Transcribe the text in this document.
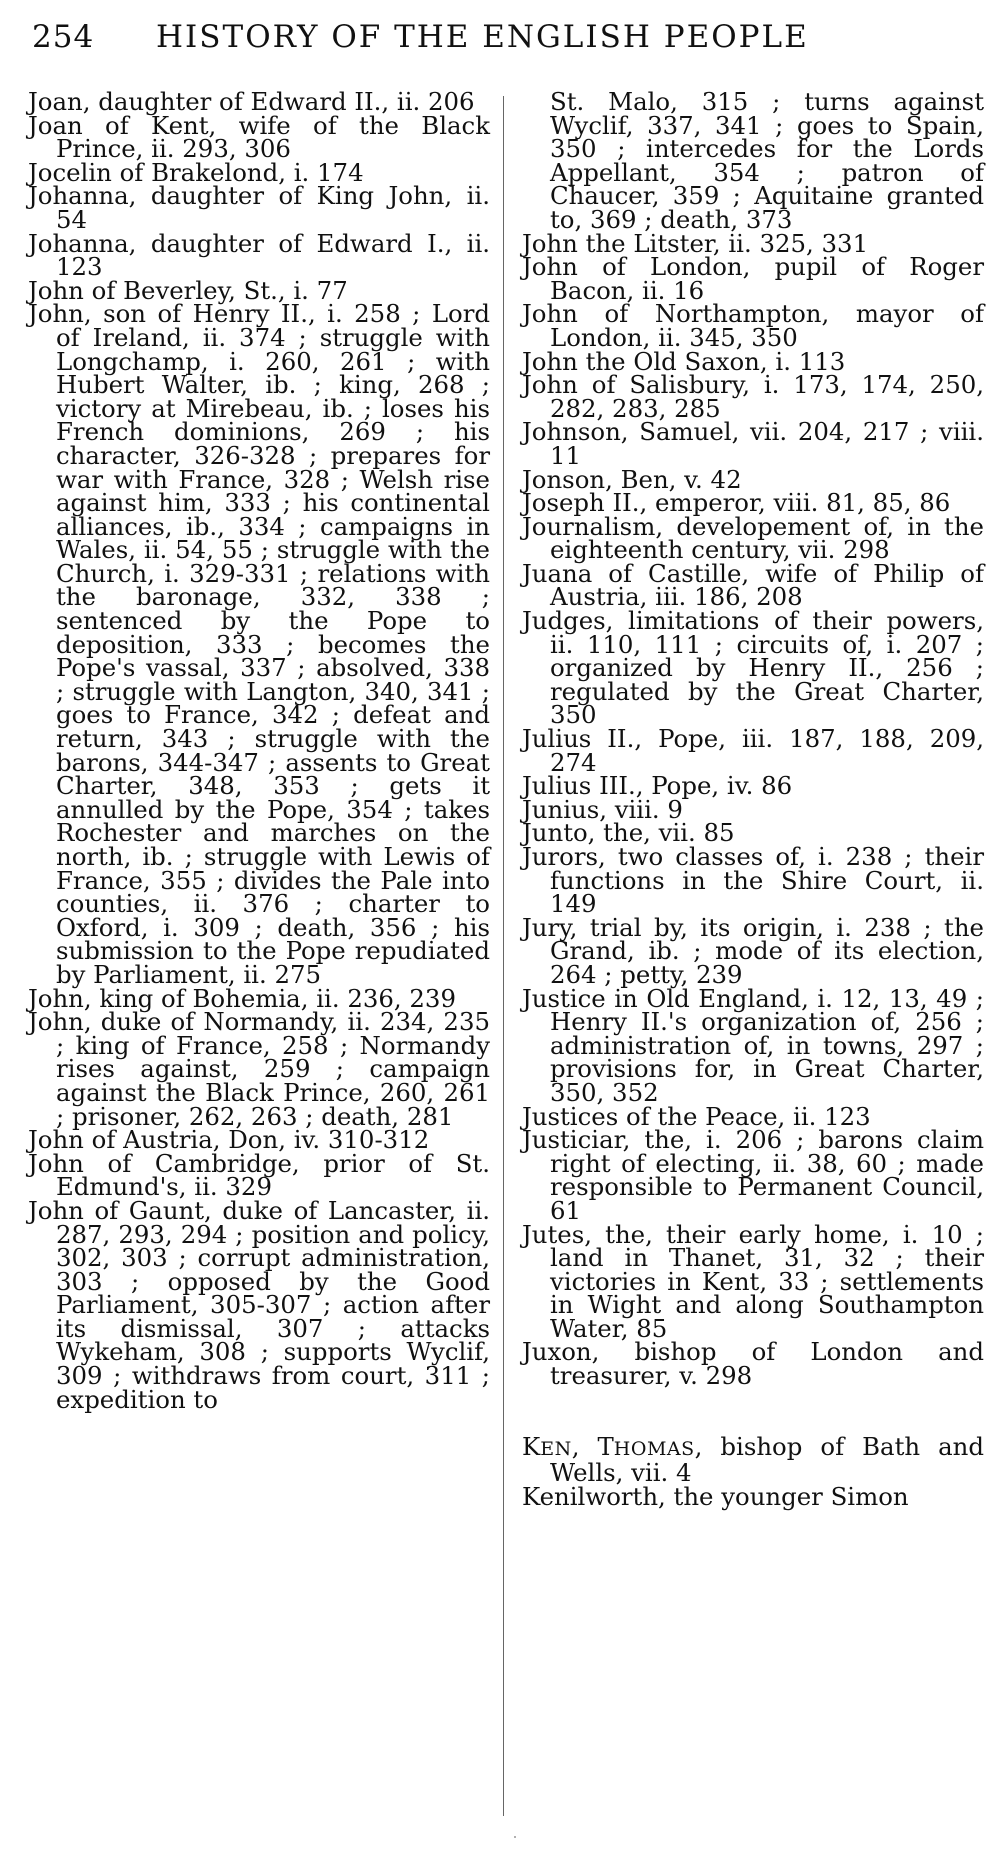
254 HISTORY OF THE ENGLISH PEOPLE
Joan, daughter of Edward II., ii. 206
Joan of Kent, wife of the Black Prince, ii. 293, 306
Jocelin of Brakelond, i. 174
Johanna, daughter of King John, ii. 54
Johanna, daughter of Edward I., ii. 123
John of Beverley, St., i. 77
John, son of Henry II., i. 258 ; Lord of Ireland, ii. 374 ; struggle with Longchamp, i. 260, 261 ; with Hubert Walter, ib. ; king, 268 ; victory at Mirebeau, ib. ; loses his French dominions, 269 ; his character, 326-328 ; prepares for war with France, 328 ; Welsh rise against him, 333 ; his continental alliances, ib., 334 ; campaigns in Wales, ii. 54, 55 ; struggle with the Church, i. 329-331 ; relations with the baronage, 332, 338 ; sentenced by the Pope to deposition, 333 ; becomes the Pope's vassal, 337 ; absolved, 338 ; struggle with Langton, 340, 341 ; goes to France, 342 ; defeat and return, 343 ; struggle with the barons, 344-347 ; assents to Great Charter, 348, 353 ; gets it annulled by the Pope, 354 ; takes Rochester and marches on the north, ib. ; struggle with Lewis of France, 355 ; divides the Pale into counties, ii. 376 ; charter to Oxford, i. 309 ; death, 356 ; his submission to the Pope repudiated by Parliament, ii. 275
John, king of Bohemia, ii. 236, 239
John, duke of Normandy, ii. 234, 235 ; king of France, 258 ; Normandy rises against, 259 ; campaign against the Black Prince, 260, 261 ; prisoner, 262, 263 ; death, 281
John of Austria, Don, iv. 310-312
John of Cambridge, prior of St. Edmund's, ii. 329
John of Gaunt, duke of Lancaster, ii. 287, 293, 294 ; position and policy, 302, 303 ; corrupt administration, 303 ; opposed by the Good Parliament, 305-307 ; action after its dismissal, 307 ; attacks Wykeham, 308 ; supports Wyclif, 309 ; withdraws from court, 311 ; expedition to
St. Malo, 315 ; turns against Wyclif, 337, 341 ; goes to Spain, 350 ; intercedes for the Lords Appellant, 354 ; patron of Chaucer, 359 ; Aquitaine granted to, 369 ; death, 373
John the Litster, ii. 325, 331
John of London, pupil of Roger Bacon, ii. 16
John of Northampton, mayor of London, ii. 345, 350
John the Old Saxon, i. 113
John of Salisbury, i. 173, 174, 250, 282, 283, 285
Johnson, Samuel, vii. 204, 217 ; viii. 11
Jonson, Ben, v. 42
Joseph II., emperor, viii. 81, 85, 86
Journalism, developement of, in the eighteenth century, vii. 298
Juana of Castille, wife of Philip of Austria, iii. 186, 208
Judges, limitations of their powers, ii. 110, 111 ; circuits of, i. 207 ; organized by Henry II., 256 ; regulated by the Great Charter, 350
Julius II., Pope, iii. 187, 188, 209, 274
Julius III., Pope, iv. 86
Junius, viii. 9
Junto, the, vii. 85
Jurors, two classes of, i. 238 ; their functions in the Shire Court, ii. 149
Jury, trial by, its origin, i. 238 ; the Grand, ib. ; mode of its election, 264 ; petty, 239
Justice in Old England, i. 12, 13, 49 ; Henry II.'s organization of, 256 ; administration of, in towns, 297 ; provisions for, in Great Charter, 350, 352
Justices of the Peace, ii. 123
Justiciar, the, i. 206 ; barons claim right of electing, ii. 38, 60 ; made responsible to Permanent Council, 61
Jutes, the, their early home, i. 10 ; land in Thanet, 31, 32 ; their victories in Kent, 33 ; settlements in Wight and along Southampton Water, 85
Juxon, bishop of London and treasurer, v. 298
KEN, THOMAS, bishop of Bath and Wells, vii. 4
Kenilworth, the younger Simon
